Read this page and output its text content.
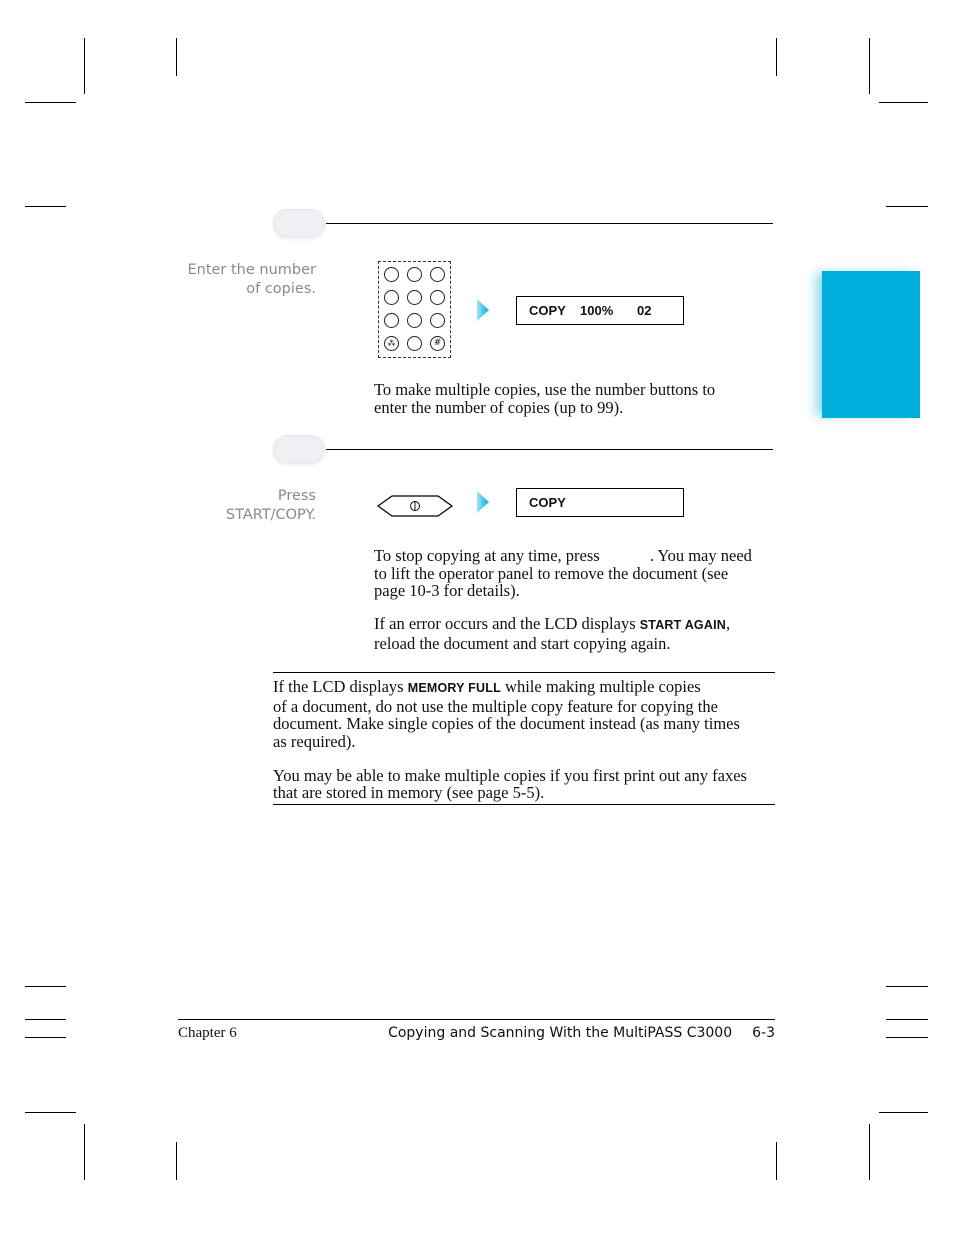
Enter the number
of copies.
⁂	#
COPY 100% 02
To make multiple copies, use the number buttons to
enter the number of copies (up to 99).
Press
START/COPY.
COPY
To stop copying at any time, press	. You may need
to lift the operator panel to remove the document (see
page 10-3 for details).
If an error occurs and the LCD displays START AGAIN,
reload the document and start copying again.
If the LCD displays MEMORY FULL while making multiple copies
of a document, do not use the multiple copy feature for copying the
document. Make single copies of the document instead (as many times
as required).
You may be able to make multiple copies if you first print out any faxes
that are stored in memory (see page 5-5).
Chapter 6	Copying and Scanning With the MultiPASS C3000 6-3
